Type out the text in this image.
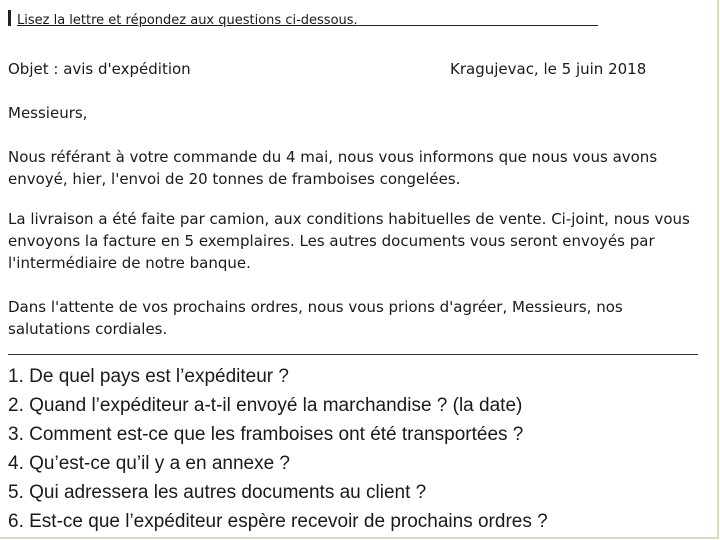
Lisez la lettre et répondez aux questions ci-dessous.
Objet : avis d'expédition	Kragujevac, le 5 juin 2018
Messieurs,
Nous référant à votre commande du 4 mai, nous vous informons que nous vous avons envoyé, hier, l'envoi de 20 tonnes de framboises congelées.
La livraison a été faite par camion, aux conditions habituelles de vente. Ci-joint, nous vous envoyons la facture en 5 exemplaires. Les autres documents vous seront envoyés par l'intermédiaire de notre banque.
Dans l'attente de vos prochains ordres, nous vous prions d'agréer, Messieurs, nos salutations cordiales.
1. De quel pays est l’expéditeur ?
2. Quand l’expéditeur a-t-il envoyé la marchandise ? (la date)
3. Comment est-ce que les framboises ont été transportées ?
4. Qu’est-ce qu’il y a en annexe ?
5. Qui adressera les autres documents au client ?
6. Est-ce que l’expéditeur espère recevoir de prochains ordres ?
